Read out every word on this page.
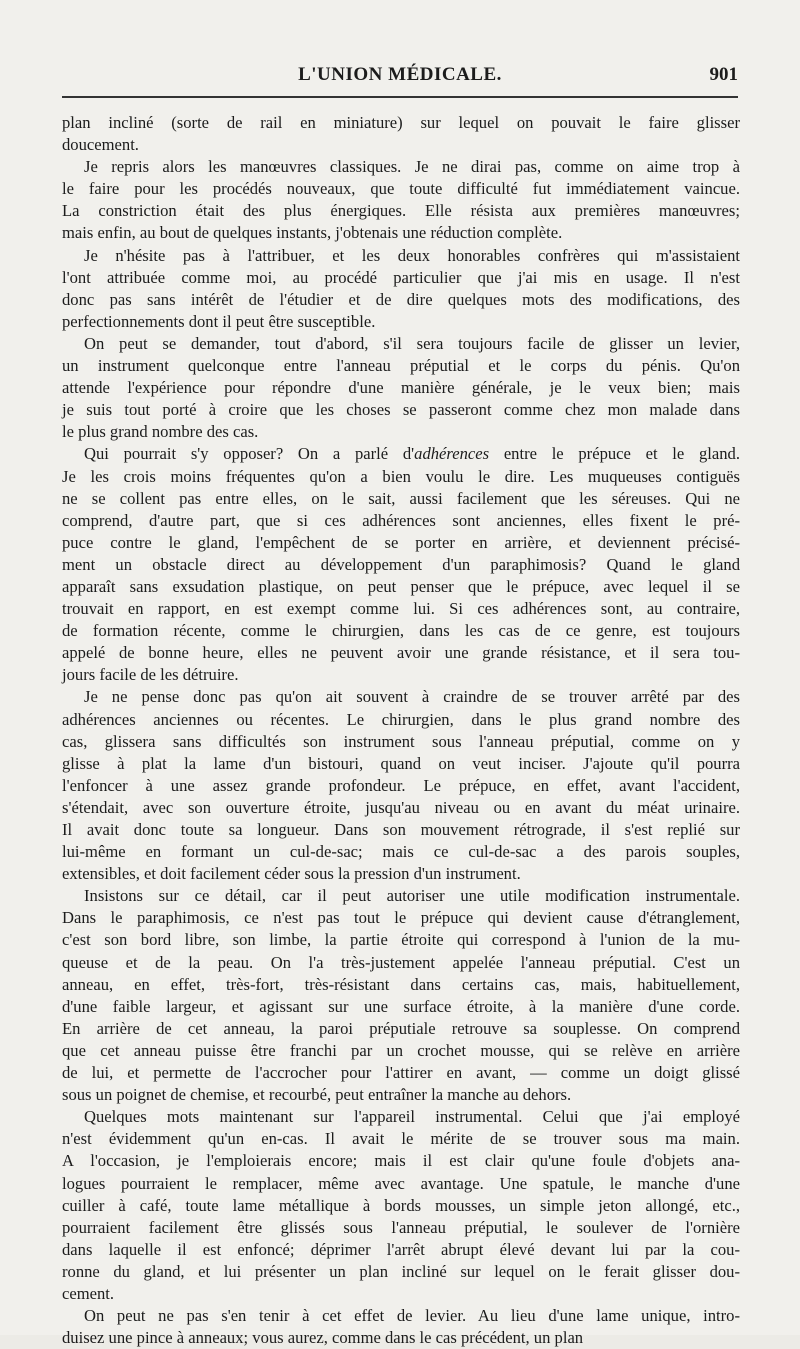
L'UNION MÉDICALE.	901
plan incliné (sorte de rail en miniature) sur lequel on pouvait le faire glisser
doucement.
Je repris alors les manœuvres classiques. Je ne dirai pas, comme on aime trop à
le faire pour les procédés nouveaux, que toute difficulté fut immédiatement vaincue.
La constriction était des plus énergiques. Elle résista aux premières manœuvres;
mais enfin, au bout de quelques instants, j'obtenais une réduction complète.
Je n'hésite pas à l'attribuer, et les deux honorables confrères qui m'assistaient
l'ont attribuée comme moi, au procédé particulier que j'ai mis en usage. Il n'est
donc pas sans intérêt de l'étudier et de dire quelques mots des modifications, des
perfectionnements dont il peut être susceptible.
On peut se demander, tout d'abord, s'il sera toujours facile de glisser un levier,
un instrument quelconque entre l'anneau préputial et le corps du pénis. Qu'on
attende l'expérience pour répondre d'une manière générale, je le veux bien; mais
je suis tout porté à croire que les choses se passeront comme chez mon malade dans
le plus grand nombre des cas.
Qui pourrait s'y opposer? On a parlé d'adhérences entre le prépuce et le gland.
Je les crois moins fréquentes qu'on a bien voulu le dire. Les muqueuses contiguës
ne se collent pas entre elles, on le sait, aussi facilement que les séreuses. Qui ne
comprend, d'autre part, que si ces adhérences sont anciennes, elles fixent le pré-
puce contre le gland, l'empêchent de se porter en arrière, et deviennent précisé-
ment un obstacle direct au développement d'un paraphimosis? Quand le gland
apparaît sans exsudation plastique, on peut penser que le prépuce, avec lequel il se
trouvait en rapport, en est exempt comme lui. Si ces adhérences sont, au contraire,
de formation récente, comme le chirurgien, dans les cas de ce genre, est toujours
appelé de bonne heure, elles ne peuvent avoir une grande résistance, et il sera tou-
jours facile de les détruire.
Je ne pense donc pas qu'on ait souvent à craindre de se trouver arrêté par des
adhérences anciennes ou récentes. Le chirurgien, dans le plus grand nombre des
cas, glissera sans difficultés son instrument sous l'anneau préputial, comme on y
glisse à plat la lame d'un bistouri, quand on veut inciser. J'ajoute qu'il pourra
l'enfoncer à une assez grande profondeur. Le prépuce, en effet, avant l'accident,
s'étendait, avec son ouverture étroite, jusqu'au niveau ou en avant du méat urinaire.
Il avait donc toute sa longueur. Dans son mouvement rétrograde, il s'est replié sur
lui-même en formant un cul-de-sac; mais ce cul-de-sac a des parois souples,
extensibles, et doit facilement céder sous la pression d'un instrument.
Insistons sur ce détail, car il peut autoriser une utile modification instrumentale.
Dans le paraphimosis, ce n'est pas tout le prépuce qui devient cause d'étranglement,
c'est son bord libre, son limbe, la partie étroite qui correspond à l'union de la mu-
queuse et de la peau. On l'a très-justement appelée l'anneau préputial. C'est un
anneau, en effet, très-fort, très-résistant dans certains cas, mais, habituellement,
d'une faible largeur, et agissant sur une surface étroite, à la manière d'une corde.
En arrière de cet anneau, la paroi préputiale retrouve sa souplesse. On comprend
que cet anneau puisse être franchi par un crochet mousse, qui se relève en arrière
de lui, et permette de l'accrocher pour l'attirer en avant, — comme un doigt glissé
sous un poignet de chemise, et recourbé, peut entraîner la manche au dehors.
Quelques mots maintenant sur l'appareil instrumental. Celui que j'ai employé
n'est évidemment qu'un en-cas. Il avait le mérite de se trouver sous ma main.
A l'occasion, je l'emploierais encore; mais il est clair qu'une foule d'objets ana-
logues pourraient le remplacer, même avec avantage. Une spatule, le manche d'une
cuiller à café, toute lame métallique à bords mousses, un simple jeton allongé, etc.,
pourraient facilement être glissés sous l'anneau préputial, le soulever de l'ornière
dans laquelle il est enfoncé; déprimer l'arrêt abrupt élevé devant lui par la cou-
ronne du gland, et lui présenter un plan incliné sur lequel on le ferait glisser dou-
cement.
On peut ne pas s'en tenir à cet effet de levier. Au lieu d'une lame unique, intro-
duisez une pince à anneaux; vous aurez, comme dans le cas précédent, un plan
